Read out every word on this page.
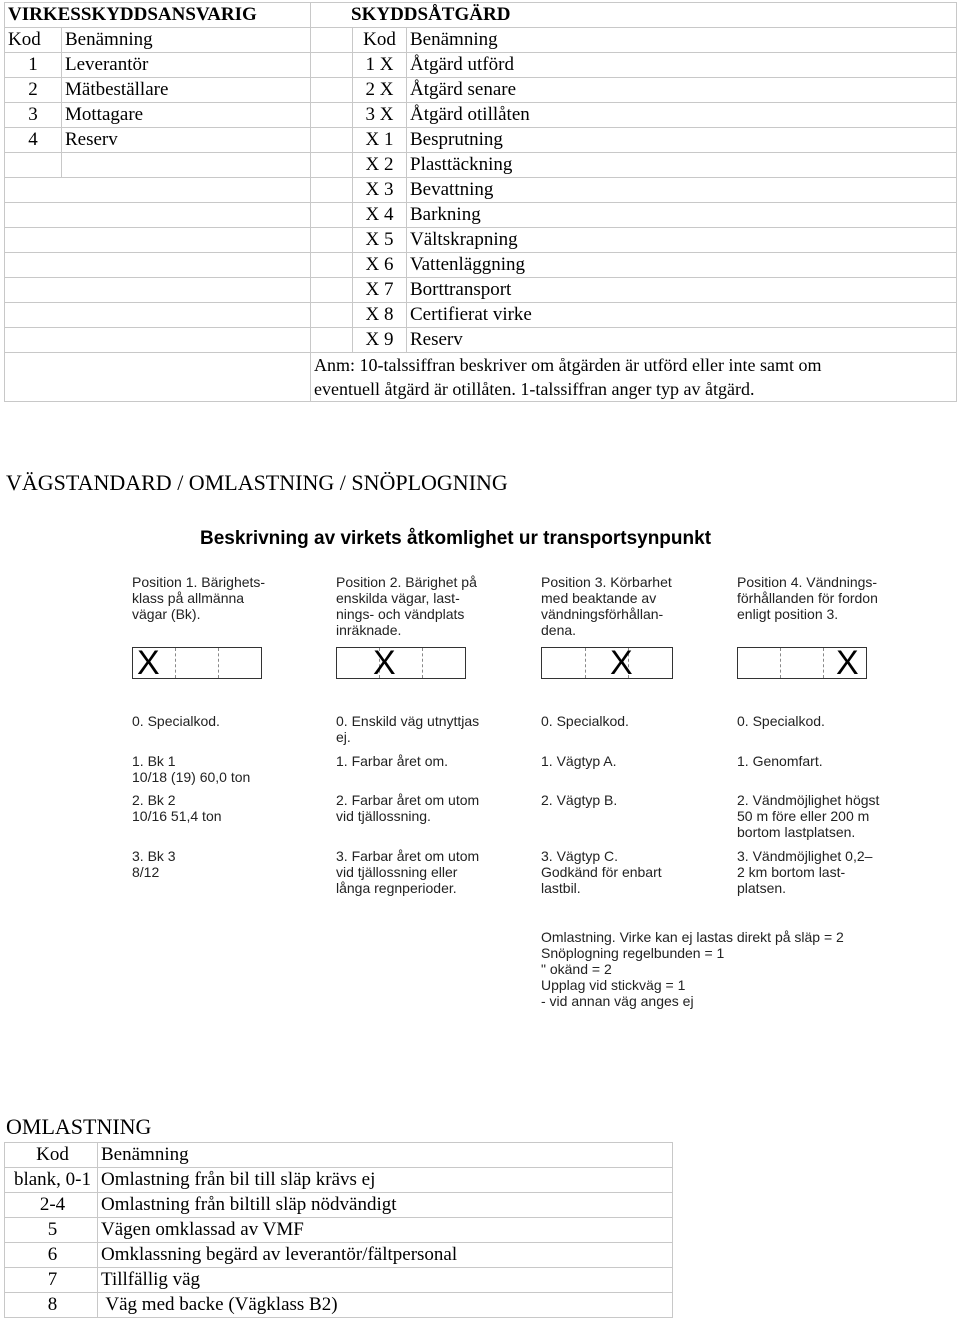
VIRKESSKYDDSANSVARIG		SKYDDSÅTGÄRD		
Kod	Benämning		Kod	Benämning
1	Leverantör		1 X	Åtgärd utförd
2	Mätbeställare		2 X	Åtgärd senare
3	Mottagare		3 X	Åtgärd otillåten
4	Reserv		X 1	Besprutning
			X 2	Plasttäckning
			X 3	Bevattning
			X 4	Barkning
			X 5	Vältskrapning
			X 6	Vattenläggning
			X 7	Borttransport
			X 8	Certifierat virke
			X 9	Reserv

		Anm: 10-talssiffran beskriver om åtgärden är utförd eller inte samt om
eventuell åtgärd är otillåten. 1-talssiffran anger typ av åtgärd.		
VÄGSTANDARD / OMLASTNING / SNÖPLOGNING
Beskrivning av virkets åtkomlighet ur transportsynpunkt
Position 1. Bärighets-
klass på allmänna
vägar (Bk).
Position 2. Bärighet på
enskilda vägar, last-
nings- och vändplats
inräknade.
Position 3. Körbarhet
med beaktande av
vändningsförhållan-
dena.
Position 4. Vändnings-
förhållanden för fordon
enligt position 3.
X	X	X	X
0. Specialkod.
1. Bk 1
10/18 (19) 60,0 ton
2. Bk 2
10/16 51,4 ton
3. Bk 3
8/12
0. Enskild väg utnyttjas
ej.
1. Farbar året om.
2. Farbar året om utom
vid tjällossning.
3. Farbar året om utom
vid tjällossning eller
långa regnperioder.
0. Specialkod.
1. Vägtyp A.
2. Vägtyp B.
3. Vägtyp C.
Godkänd för enbart
lastbil.
0. Specialkod.
1. Genomfart.
2. Vändmöjlighet högst
50 m före eller 200 m
bortom lastplatsen.
3. Vändmöjlighet 0,2–
2 km bortom last-
platsen.
Omlastning. Virke kan ej lastas direkt på släp = 2
Snöplogning regelbunden = 1
" okänd = 2
Upplag vid stickväg = 1
- vid annan väg anges ej
OMLASTNING
Kod	Benämning
blank, 0-1	Omlastning från bil till släp krävs ej
2-4	Omlastning från biltill släp nödvändigt
5	Vägen omklassad av VMF
6	Omklassning begärd av leverantör/fältpersonal
7	Tillfällig väg
8	Väg med backe (Vägklass B2)
